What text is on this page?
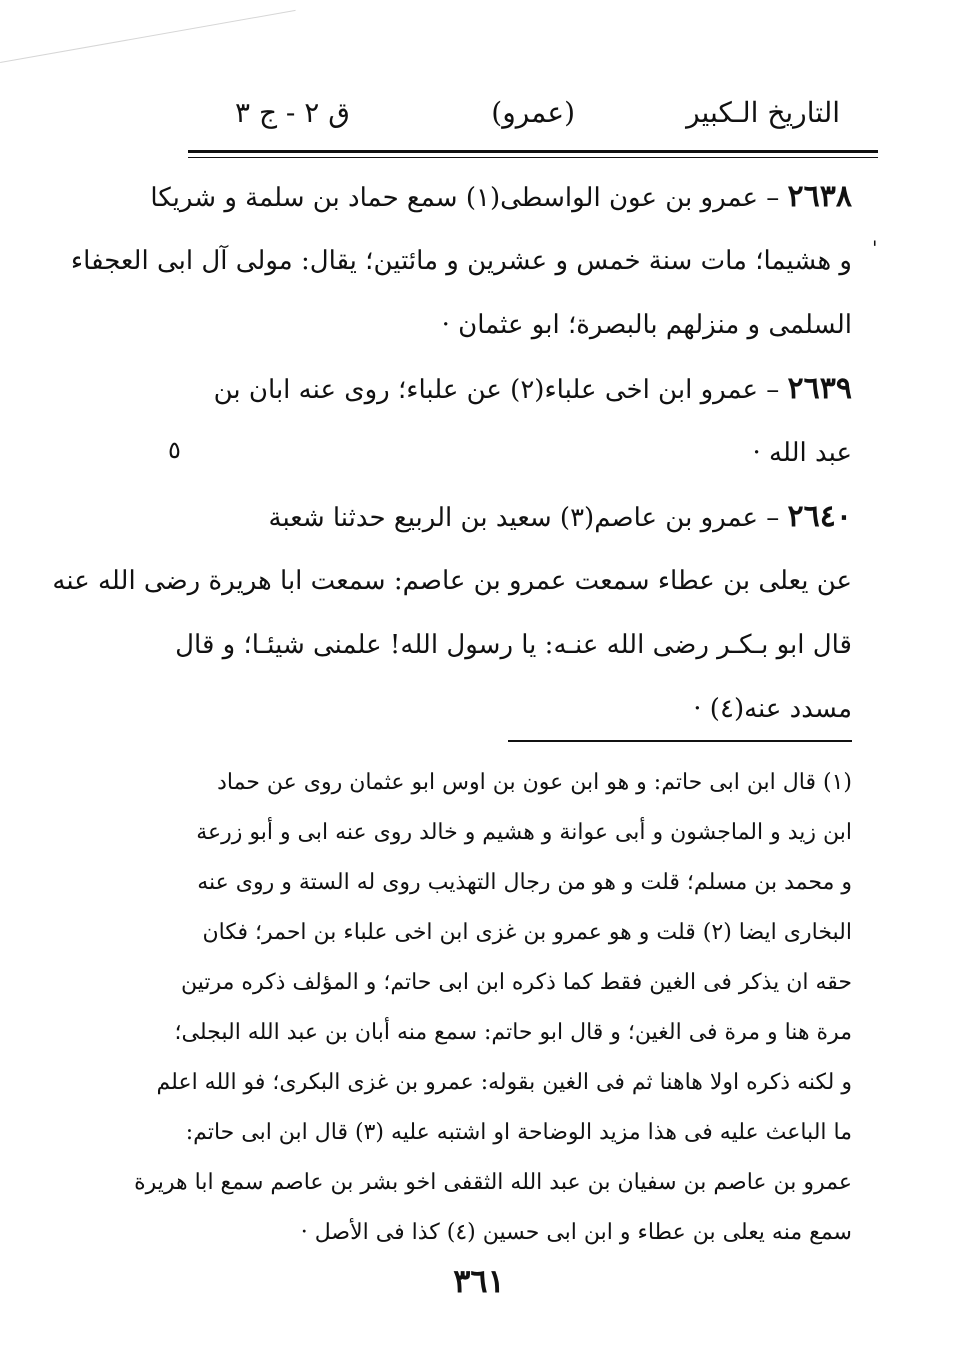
التاريخ الـكبير
(عمرو)
ق ٢ - ج ٣
'
٥
٢٦٣٨ – عمرو بن عون الواسطى(١) سمع حماد بن سلمة و شريكا
و هشيما؛ مات سنة خمس و عشرين و مائتين؛ يقال: مولى آل ابى العجفاء
السلمى و منزلهم بالبصرة؛ ابو عثمان ·
٢٦٣٩ – عمرو ابن اخى علباء(٢) عن علباء؛ روى عنه ابان بن
عبد الله ·
٢٦٤٠ – عمرو بن عاصم(٣) سعيد بن الربيع حدثنا شعبة
عن يعلى بن عطاء سمعت عمرو بن عاصم: سمعت ابا هريرة رضى الله عنه
قال ابو بـكـر رضى الله عنـه: يا رسول الله! علمنى شيئـا؛ و قال
مسدد عنه(٤) ·
(١) قال ابن ابى حاتم: و هو ابن عون بن اوس ابو عثمان روى عن حماد
ابن زيد و الماجشون و أبى عوانة و هشيم و خالد روى عنه ابى و أبو زرعة
و محمد بن مسلم؛ قلت و هو من رجال التهذيب روى له الستة و روى عنه
البخارى ايضا (٢) قلت و هو عمرو بن غزى ابن اخى علباء بن احمر؛ فكان
حقه ان يذكر فى الغين فقط كما ذكره ابن ابى حاتم؛ و المؤلف ذكره مرتين
مرة هنا و مرة فى الغين؛ و قال ابو حاتم: سمع منه أبان بن عبد الله البجلى؛
و لكنه ذكره اولا هاهنا ثم فى الغين بقوله: عمرو بن غزى البكرى؛ فو الله اعلم
ما الباعث عليه فى هذا مزيد الوضاحة او اشتبه عليه (٣) قال ابن ابى حاتم:
عمرو بن عاصم بن سفيان بن عبد الله الثقفى اخو بشر بن عاصم سمع ابا هريرة
سمع منه يعلى بن عطاء و ابن ابى حسين (٤) كذا فى الأصل ·
٣٦١
